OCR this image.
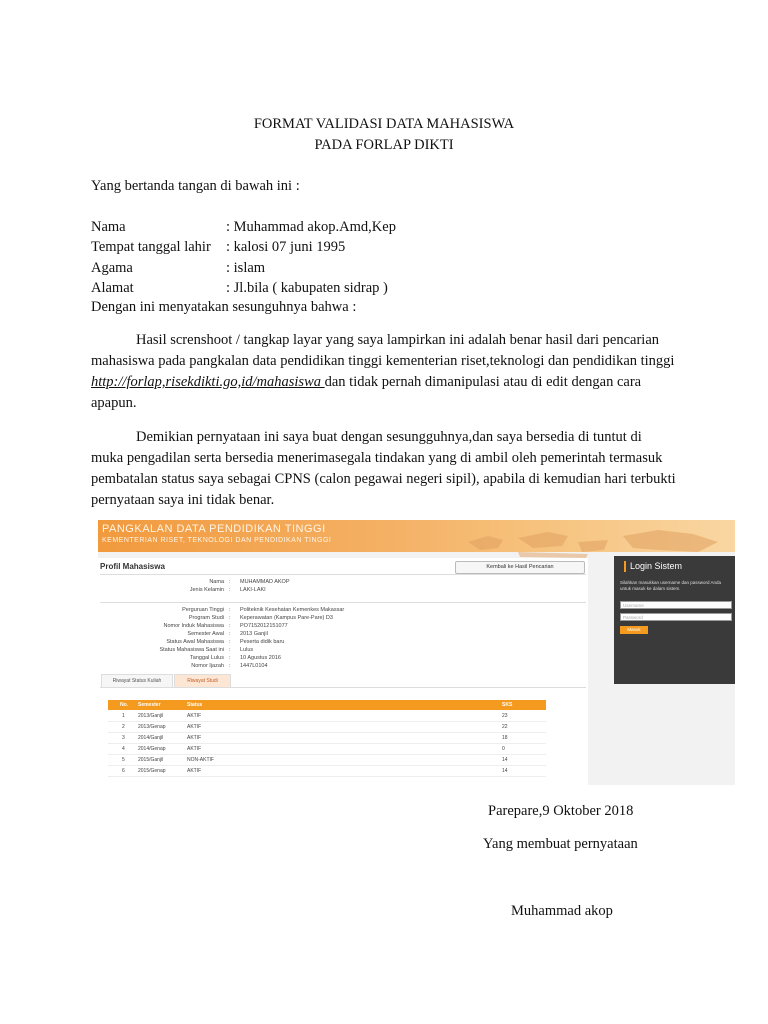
FORMAT VALIDASI DATA MAHASISWA
PADA FORLAP DIKTI
Yang bertanda tangan di bawah ini :
Nama	: Muhammad akop.Amd,Kep
Tempat tanggal lahir : kalosi 07 juni 1995
Agama	: islam
Alamat	: Jl.bila ( kabupaten sidrap )
Dengan ini menyatakan sesunguhnya bahwa :
Hasil screnshoot / tangkap layar yang saya lampirkan ini adalah benar hasil dari pencarian mahasiswa pada pangkalan data pendidikan tinggi kementerian riset,teknologi dan pendidikan tinggi http://forlap,risekdikti.go,id/mahasiswa dan tidak pernah dimanipulasi atau di edit dengan cara apapun.
Demikian pernyataan ini saya buat dengan sesungguhnya,dan saya bersedia di tuntut di muka pengadilan serta bersedia menerimasegala tindakan yang di ambil oleh pemerintah termasuk pembatalan status saya sebagai CPNS (calon pegawai negeri sipil), apabila di kemudian hari terbukti pernyataan saya ini tidak benar.
PANGKALAN DATA PENDIDIKAN TINGGI
KEMENTERIAN RISET, TEKNOLOGI DAN PENDIDIKAN TINGGI
Profil Mahasiswa	Kembali ke Hasil Pencarian
Nama : MUHAMMAD AKOP
Jenis Kelamin : LAKI-LAKI
Perguruan Tinggi : Politeknik Kesehatan Kemenkes Makassar
Program Studi : Keperawatan (Kampus Pare-Pare) D3
Nomor Induk Mahasiswa : PO7152012151077
Semester Awal : 2013 Ganjil
Status Awal Mahasiswa : Peserta didik baru
Status Mahasiswa Saat ini : Lulus
Tanggal Lulus : 10 Agustus 2016
Nomor Ijazah : 1447L0104
Riwayat Status Kuliah	Riwayat Studi
No. Semester	Status	SKS
1	2013/Ganjil	AKTIF	23
2	2013/Genap	AKTIF	22
3	2014/Ganjil	AKTIF	18
4	2014/Genap	AKTIF	0
5	2015/Ganjil	NON-AKTIF	14
6	2015/Genap	AKTIF	14
Login Sistem
Silahkan masukkan username dan password Anda untuk masuk ke dalam sistem.
Username
Password
Masuk
Parepare,9 Oktober 2018
Yang membuat pernyataan
Muhammad akop
